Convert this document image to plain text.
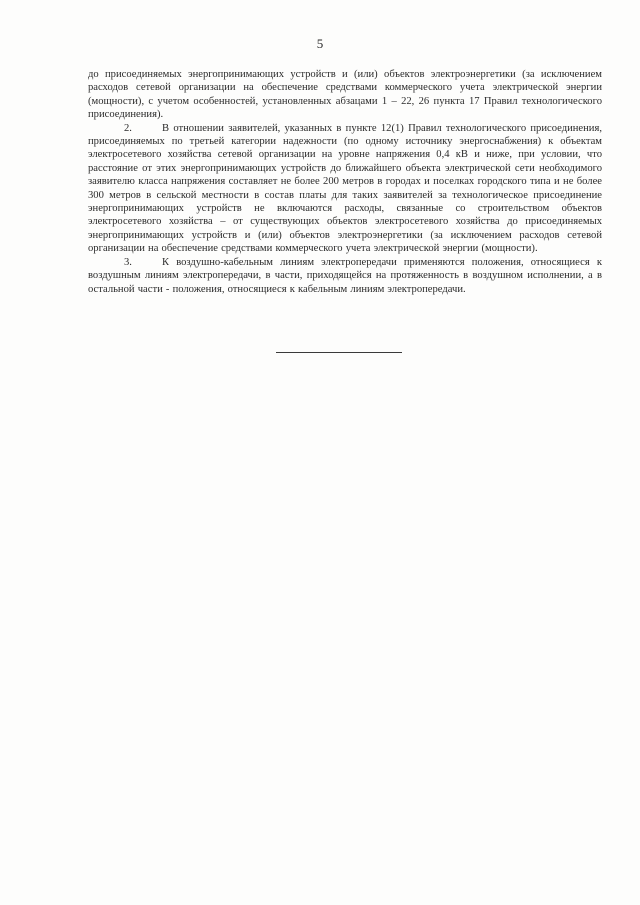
5

до присоединяемых энергопринимающих устройств и (или) объектов электроэнергетики (за исключением расходов сетевой организации на обеспечение средствами коммерческого учета электрической энергии (мощности), с учетом особенностей, установленных абзацами 1 – 22, 26 пункта 17 Правил технологического присоединения).

2.	В отношении заявителей, указанных в пункте 12(1) Правил технологического присоединения, присоединяемых по третьей категории надежности (по одному источнику энергоснабжения) к объектам электросетевого хозяйства сетевой организации на уровне напряжения 0,4 кВ и ниже, при условии, что расстояние от этих энергопринимающих устройств до ближайшего объекта электрической сети необходимого заявителю класса напряжения составляет не более 200 метров в городах и поселках городского типа и не более 300 метров в сельской местности в состав платы для таких заявителей за технологическое присоединение энергопринимающих устройств не включаются расходы, связанные со строительством объектов электросетевого хозяйства – от существующих объектов электросетевого хозяйства до присоединяемых энергопринимающих устройств и (или) объектов электроэнергетики (за исключением расходов сетевой организации на обеспечение средствами коммерческого учета электрической энергии (мощности).

3.	К воздушно-кабельным линиям электропередачи применяются положения, относящиеся к воздушным линиям электропередачи, в части, приходящейся на протяженность в воздушном исполнении, а в остальной части - положения, относящиеся к кабельным линиям электропередачи.
